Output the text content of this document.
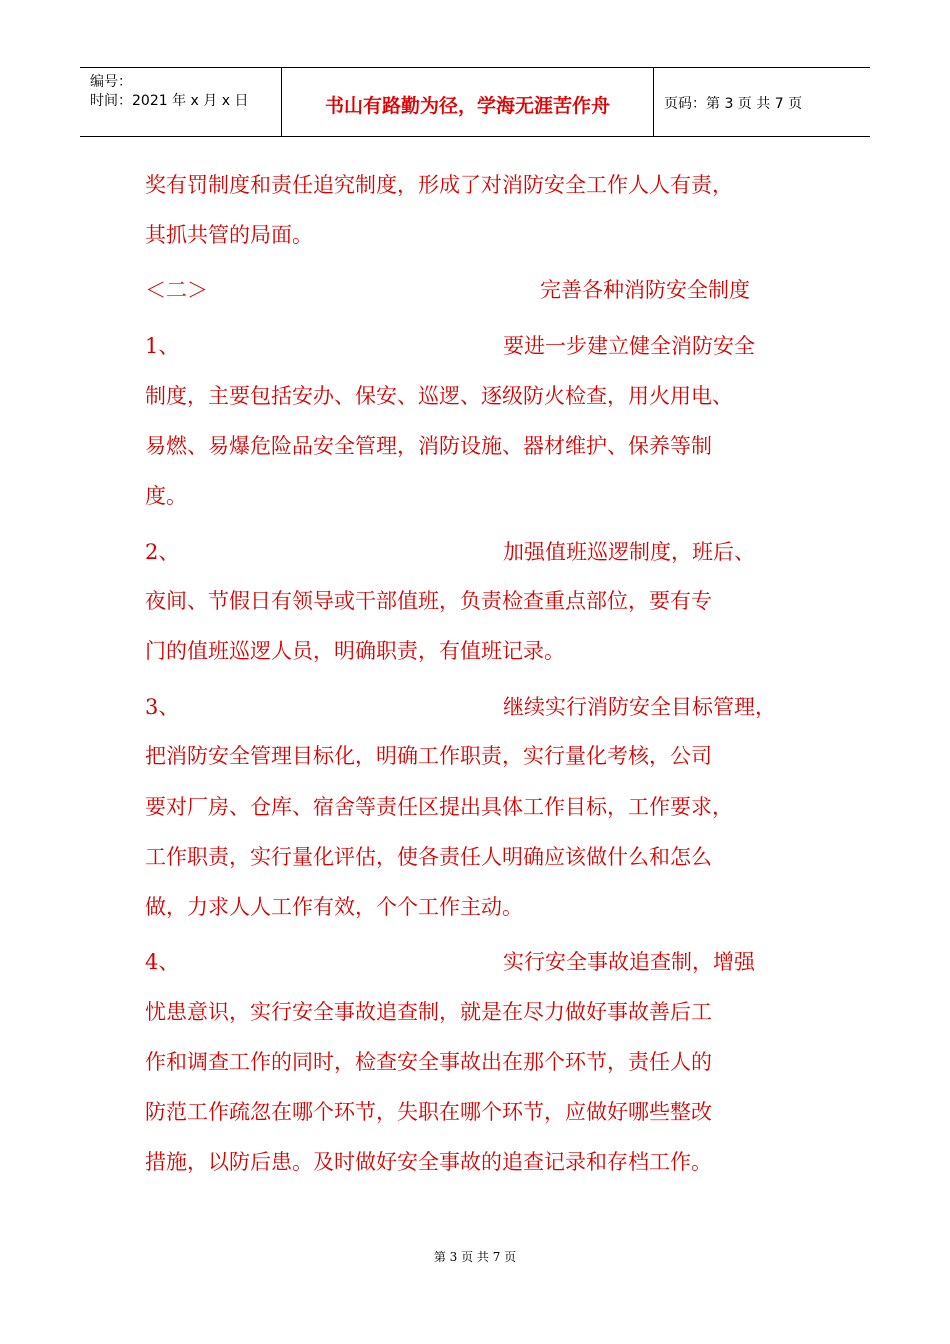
编号：
时间：2021 年 x 月 x 日	书山有路勤为径，学海无涯苦作舟	页码：第 3 页 共 7 页
奖有罚制度和责任追究制度，形成了对消防安全工作人人有责，
其抓共管的局面。
＜二＞	完善各种消防安全制度
1、	要进一步建立健全消防安全
制度，主要包括安办、保安、巡逻、逐级防火检查，用火用电、
易燃、易爆危险品安全管理，消防设施、器材维护、保养等制
度。
2、	加强值班巡逻制度，班后、
夜间、节假日有领导或干部值班，负责检查重点部位，要有专
门的值班巡逻人员，明确职责，有值班记录。
3、	继续实行消防安全目标管理，
把消防安全管理目标化，明确工作职责，实行量化考核，公司
要对厂房、仓库、宿舍等责任区提出具体工作目标，工作要求，
工作职责，实行量化评估，使各责任人明确应该做什么和怎么
做，力求人人工作有效，个个工作主动。
4、	实行安全事故追查制，增强
忧患意识，实行安全事故追查制，就是在尽力做好事故善后工
作和调查工作的同时，检查安全事故出在那个环节，责任人的
防范工作疏忽在哪个环节，失职在哪个环节，应做好哪些整改
措施，以防后患。及时做好安全事故的追查记录和存档工作。
第 3 页 共 7 页
